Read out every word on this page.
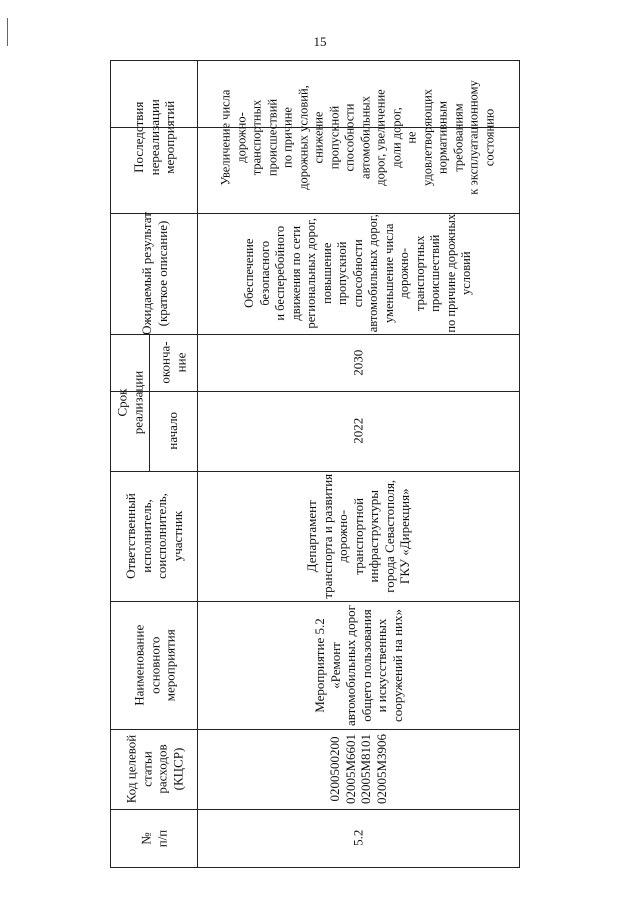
15
Последствия
нереализации
мероприятий
Ожидаемый результат
(краткое описание)
Срок
реализации
оконча-
ние
начало
Ответственный
исполнитель,
соисполнитель,
участник
Наименование
основного
мероприятия
Код целевой
статьи
расходов
(КЦСР)
№
п/п
Увеличение числа
дорожно-
транспортных
происшествий
по причине
дорожных условий,
снижение
пропускной
способности
автомобильных
дорог, увеличение
доли дорог,
не
удовлетворяющих
нормативным
требованиям
к эксплуатационному
состоянию
Обеспечение
безопасного
и бесперебойного
движения по сети
региональных дорог,
повышение
пропускной
способности
автомобильных дорог,
уменьшение числа
дорожно-
транспортных
происшествий
по причине дорожных
условий
2030
2022
Департамент
транспорта и развития
дорожно-
транспортной
инфраструктуры
города Севастополя,
ГКУ «Дирекция»
Мероприятие 5.2
«Ремонт
автомобильных дорог
общего пользования
и искусственных
сооружений на них»
0200500200
02005М6601
02005М8101
02005М3906
5.2
